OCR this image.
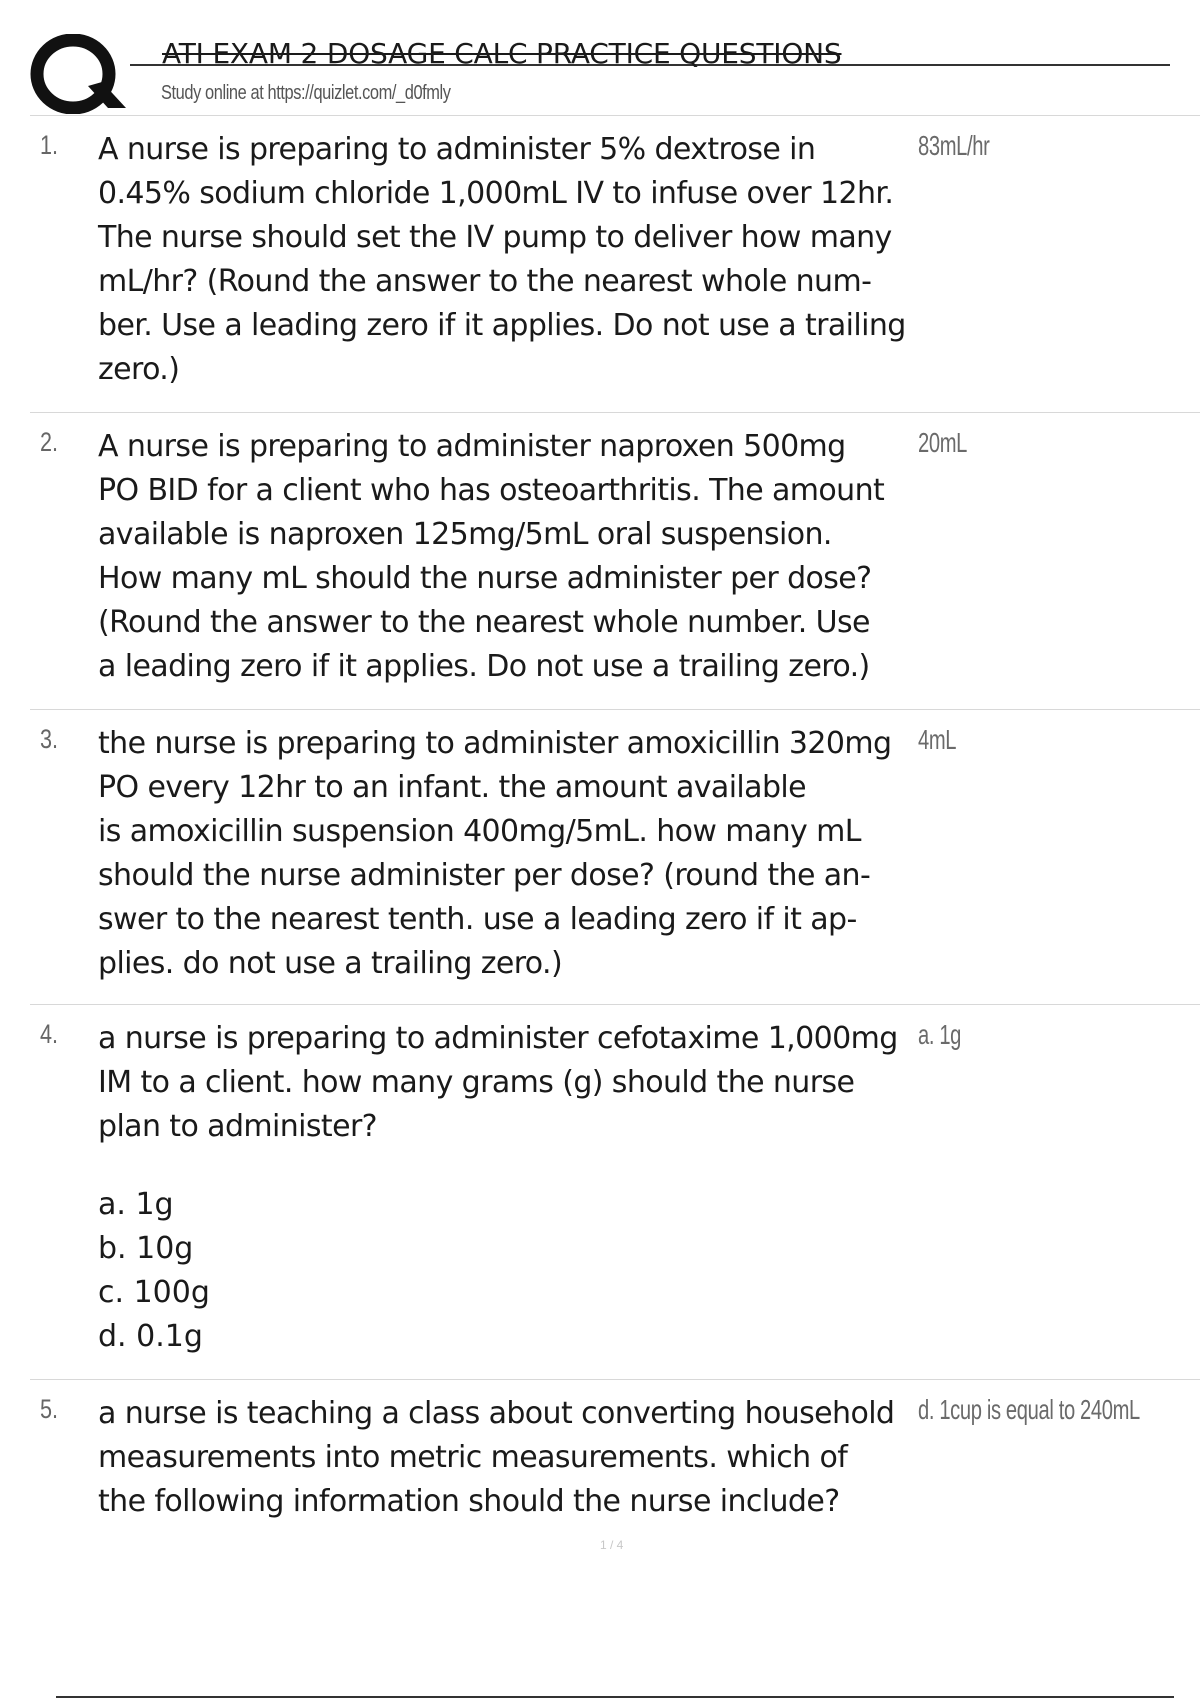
ATI EXAM 2 DOSAGE CALC PRACTICE QUESTIONS
Study online at https://quizlet.com/_d0fmly
1. A nurse is preparing to administer 5% dextrose in
0.45% sodium chloride 1,000mL IV to infuse over 12hr.
The nurse should set the IV pump to deliver how many
mL/hr? (Round the answer to the nearest whole num-
ber. Use a leading zero if it applies. Do not use a trailing
zero.)
83mL/hr
2. A nurse is preparing to administer naproxen 500mg
PO BID for a client who has osteoarthritis. The amount
available is naproxen 125mg/5mL oral suspension.
How many mL should the nurse administer per dose?
(Round the answer to the nearest whole number. Use
a leading zero if it applies. Do not use a trailing zero.)
20mL
3. the nurse is preparing to administer amoxicillin 320mg
PO every 12hr to an infant. the amount available
is amoxicillin suspension 400mg/5mL. how many mL
should the nurse administer per dose? (round the an-
swer to the nearest tenth. use a leading zero if it ap-
plies. do not use a trailing zero.)
4mL
4. a nurse is preparing to administer cefotaxime 1,000mg
IM to a client. how many grams (g) should the nurse
plan to administer?
a. 1g
b. 10g
c. 100g
d. 0.1g
a. 1g
5. a nurse is teaching a class about converting household
measurements into metric measurements. which of
the following information should the nurse include?
d. 1cup is equal to 240mL
1 / 4
